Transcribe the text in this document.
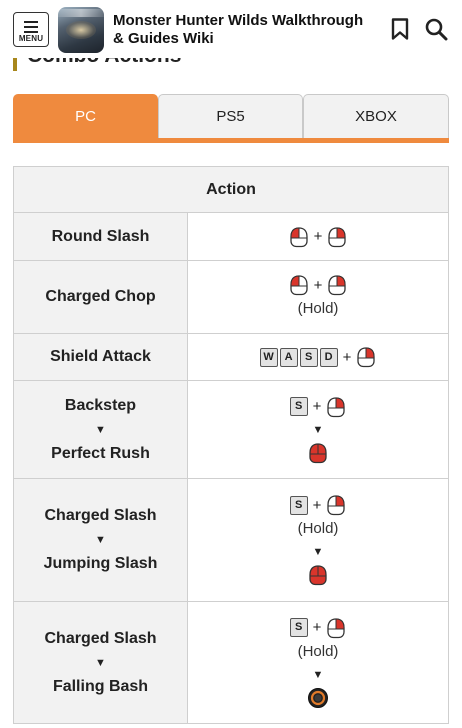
MENU
Monster Hunter Wilds Walkthrough & Guides Wiki
PC	PS5	XBOX
Action	
Round Slash	+

Charged Chop	+
(Hold)

Shield Attack	W A S D +

Backstep
▼
Perfect Rush	S +
▼

Charged Slash
▼
Jumping Slash	S +
(Hold)
▼

Charged Slash
▼
Falling Bash	S +
(Hold)
▼
